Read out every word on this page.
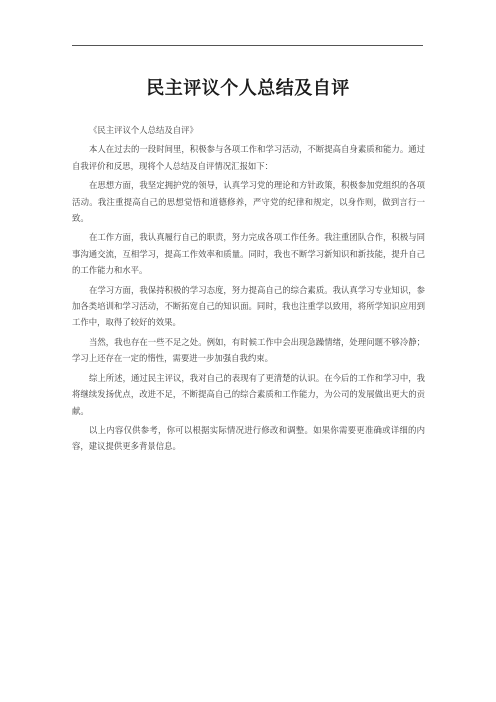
民主评议个人总结及自评

《民主评议个人总结及自评》

本人在过去的一段时间里，积极参与各项工作和学习活动，不断提高自身素质和能力。通过自我评价和反思，现将个人总结及自评情况汇报如下：

在思想方面，我坚定拥护党的领导，认真学习党的理论和方针政策，积极参加党组织的各项活动。我注重提高自己的思想觉悟和道德修养，严守党的纪律和规定，以身作则，做到言行一致。

在工作方面，我认真履行自己的职责，努力完成各项工作任务。我注重团队合作，积极与同事沟通交流，互相学习，提高工作效率和质量。同时，我也不断学习新知识和新技能，提升自己的工作能力和水平。

在学习方面，我保持积极的学习态度，努力提高自己的综合素质。我认真学习专业知识，参加各类培训和学习活动，不断拓宽自己的知识面。同时，我也注重学以致用，将所学知识应用到工作中，取得了较好的效果。

当然，我也存在一些不足之处。例如，有时候工作中会出现急躁情绪，处理问题不够冷静；学习上还存在一定的惰性，需要进一步加强自我约束。

综上所述，通过民主评议，我对自己的表现有了更清楚的认识。在今后的工作和学习中，我将继续发扬优点，改进不足，不断提高自己的综合素质和工作能力，为公司的发展做出更大的贡献。

以上内容仅供参考，你可以根据实际情况进行修改和调整。如果你需要更准确或详细的内容，建议提供更多背景信息。
